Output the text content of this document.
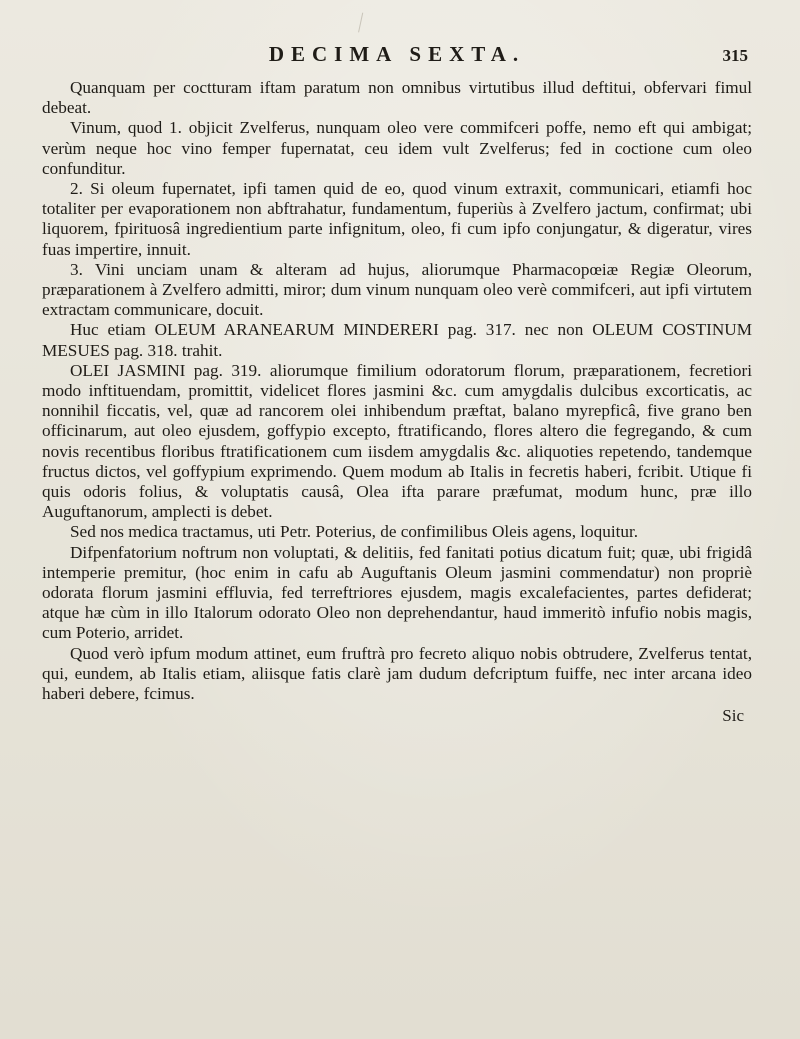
DECIMA SEXTA.	315

Quanquam per coctturam iftam paratum non omnibus virtutibus illud deftitui, obfervari fimul debeat.

Vinum, quod 1. objicit Zvelferus, nunquam oleo vere commifceri poffe, nemo eft qui ambigat; verùm neque hoc vino femper fupernatat, ceu idem vult Zvelferus; fed in coctione cum oleo confunditur.

2. Si oleum fupernatet, ipfi tamen quid de eo, quod vinum extraxit, communicari, etiamfi hoc totaliter per evaporationem non abftrahatur, fundamentum, fuperiùs à Zvelfero jactum, confirmat; ubi liquorem, fpirituosâ ingredientium parte infignitum, oleo, fi cum ipfo conjungatur, & digeratur, vires fuas impertire, innuit.

3. Vini unciam unam & alteram ad hujus, aliorumque Pharmacopœiæ Regiæ Oleorum, præparationem à Zvelfero admitti, miror; dum vinum nunquam oleo verè commifceri, aut ipfi virtutem extractam communicare, docuit.

Huc etiam OLEUM ARANEARUM MINDERERI pag. 317. nec non OLEUM COSTINUM MESUES pag. 318. trahit.

OLEI JASMINI pag. 319. aliorumque fimilium odoratorum florum, præparationem, fecretiori modo inftituendam, promittit, videlicet flores jasmini &c. cum amygdalis dulcibus excorticatis, ac nonnihil ficcatis, vel, quæ ad rancorem olei inhibendum præftat, balano myrepficâ, five grano ben officinarum, aut oleo ejusdem, goffypio excepto, ftratificando, flores altero die fegregando, & cum novis recentibus floribus ftratificationem cum iisdem amygdalis &c. aliquoties repetendo, tandemque fructus dictos, vel goffypium exprimendo. Quem modum ab Italis in fecretis haberi, fcribit. Utique fi quis odoris folius, & voluptatis causâ, Olea ifta parare præfumat, modum hunc, præ illo Auguftanorum, amplecti is debet.

Sed nos medica tractamus, uti Petr. Poterius, de confimilibus Oleis agens, loquitur.

Difpenfatorium noftrum non voluptati, & delitiis, fed fanitati potius dicatum fuit; quæ, ubi frigidâ intemperie premitur, (hoc enim in cafu ab Auguftanis Oleum jasmini commendatur) non propriè odorata florum jasmini effluvia, fed terreftriores ejusdem, magis excalefacientes, partes defiderat; atque hæ cùm in illo Italorum odorato Oleo non deprehendantur, haud immeritò infufio nobis magis, cum Poterio, arridet.

Quod verò ipfum modum attinet, eum fruftrà pro fecreto aliquo nobis obtrudere, Zvelferus tentat, qui, eundem, ab Italis etiam, aliisque fatis clarè jam dudum defcriptum fuiffe, nec inter arcana ideo haberi debere, fcimus.

Sic
